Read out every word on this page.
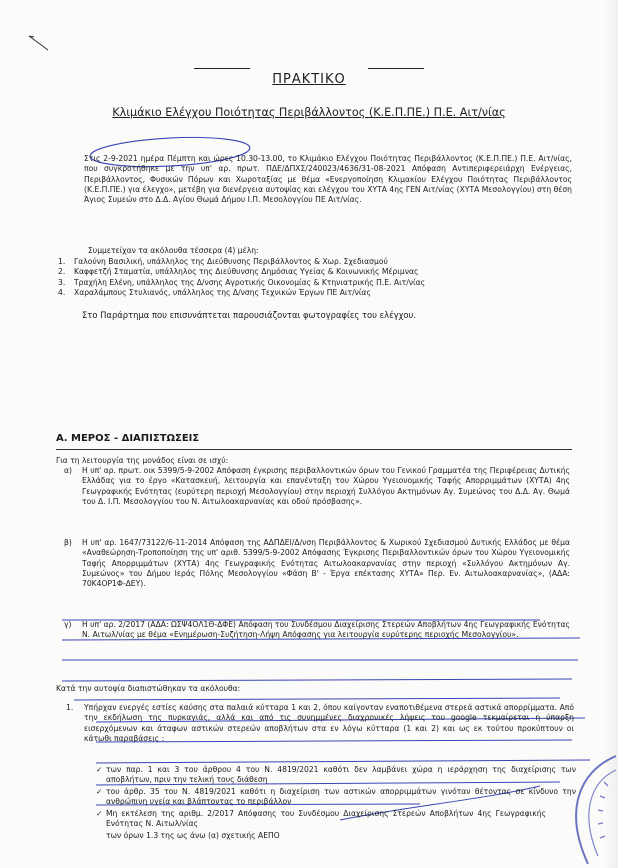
ΠΡΑΚΤΙΚΟ
Κλιμάκιο Ελέγχου Ποιότητας Περιβάλλοντος (Κ.Ε.Π.ΠΕ.) Π.Ε. Αιτ/νίας
Στις 2-9-2021 ημέρα Πέμπτη και ώρες 10.30-13.00, το Κλιμάκιο Ελέγχου Ποιότητας Περιβάλλοντος (Κ.Ε.Π.ΠΕ.) Π.Ε. Αιτ/νίας, που συγκροτήθηκε με την υπ' αρ. πρωτ. ΠΔΕ/ΔΠΧΣ/240023/4636/31-08-2021 Απόφαση Αντιπεριφερειάρχη Ενέργειας, Περιβάλλοντος, Φυσικών Πόρων και Χωροταξίας με θέμα «Ενεργοποίηση Κλιμακίου Ελέγχου Ποιότητας Περιβάλλοντος (Κ.Ε.Π.ΠΕ.) για έλεγχο», μετέβη για διενέργεια αυτοψίας και ελέγχου του ΧΥΤΑ 4ης ΓΕΝ Αιτ/νίας (ΧΥΤΑ Μεσολογγίου) στη θέση Άγιος Συμεών στο Δ.Δ. Αγίου Θωμά Δήμου Ι.Π. Μεσολογγίου ΠΕ Αιτ/νίας.
Συμμετείχαν τα ακόλουθα τέσσερα (4) μέλη:
1. Γαλούνη Βασιλική, υπάλληλος της Διεύθυνσης Περιβάλλοντος & Χωρ. Σχεδιασμού
2. Καφφετζή Σταματία, υπάλληλος της Διεύθυνσης Δημόσιας Υγείας & Κοινωνικής Μέριμνας
3. Τραχήλη Ελένη, υπάλληλος της Δ/νσης Αγροτικής Οικονομίας & Κτηνιατρικής Π.Ε. Αιτ/νίας
4. Χαραλάμπους Στυλιανός, υπάλληλος της Δ/νσης Τεχνικών Έργων ΠΕ Αιτ/νίας
Στο Παράρτημα που επισυνάπτεται παρουσιάζονται φωτογραφίες του ελέγχου.
Α. ΜΕΡΟΣ - ΔΙΑΠΙΣΤΩΣΕΙΣ
Για τη λειτουργία της μονάδος είναι σε ισχύ:
α) Η υπ' αρ. πρωτ. οικ 5399/5-9-2002 Απόφαση έγκρισης περιβαλλοντικών όρων του Γενικού Γραμματέα της Περιφέρειας Δυτικής Ελλάδας για το έργο «Κατασκευή, λειτουργία και επανένταξη του Χώρου Υγειονομικής Ταφής Απορριμμάτων (ΧΥΤΑ) 4ης Γεωγραφικής Ενότητας (ευρύτερη περιοχή Μεσολογγίου) στην περιοχή Συλλόγου Ακτημόνων Αγ. Συμεώνος του Δ.Δ. Αγ. Θωμά του Δ. Ι.Π. Μεσολογγίου του Ν. Αιτωλοακαρνανίας και οδού πρόσβασης».
β) Η υπ' αρ. 1647/73122/6-11-2014 Απόφαση της ΑΔΠΔΕΙ/Δ/νση Περιβάλλοντος & Χωρικού Σχεδιασμού Δυτικής Ελλάδος με θέμα «Αναθεώρηση-Τροποποίηση της υπ' αριθ. 5399/5-9-2002 Απόφασης Έγκρισης Περιβαλλοντικών όρων του Χώρου Υγειονομικής Ταφής Απορριμμάτων (ΧΥΤΑ) 4ης Γεωγραφικής Ενότητας Αιτωλοακαρνανίας στην περιοχή «Συλλόγου Ακτημόνων Αγ. Συμεώνος» του Δήμου Ιεράς Πόλης Μεσολογγίου «Φάση Β' - Έργα επέκτασης ΧΥΤΑ» Περ. Εν. Αιτωλοακαρνανίας», (ΑΔΑ: 70Κ4ΟΡ1Φ-ΔΕΥ).
γ) Η υπ' αρ. 2/2017 (ΑΔΑ: ΩΣΨ4ΟΛ1Θ-ΔΦΕ) Απόφαση του Συνδέσμου Διαχείρισης Στερεών Αποβλήτων 4ης Γεωγραφικής Ενότητας Ν. Αιτωλ/νίας με θέμα «Ενημέρωση-Συζήτηση-Λήψη Απόφασης για λειτουργία ευρύτερης περιοχής Μεσολογγίου».
Κατά την αυτοψία διαπιστώθηκαν τα ακόλουθα:
1. Υπήρχαν ενεργές εστίες καύσης στα παλαιά κύτταρα 1 και 2, όπου καίγονταν εναποτιθέμενα στερεά αστικά απορρίμματα. Από την εκδήλωση της πυρκαγιάς, αλλά και από τις συνημμένες διαχρονικές λήψεις του google τεκμαίρεται η ύπαρξη εισερχόμενων και άταφων αστικών στερεών αποβλήτων στα εν λόγω κύτταρα (1 και 2) και ως εκ τούτου προκύπτουν οι κάτωθι παραβάσεις :
✓ των παρ. 1 και 3 του άρθρου 4 του Ν. 4819/2021 καθότι δεν λαμβάνει χώρα η ιεράρχηση της διαχείρισης των αποβλήτων, πριν την τελική τους διάθεση
✓ του άρθρ. 35 του Ν. 4819/2021 καθότι η διαχείριση των αστικών απορριμμάτων γινόταν θέτοντας σε κίνδυνο την ανθρώπινη υγεία και βλάπτοντας το περιβάλλον
✓ Μη εκτέλεση της αριθμ. 2/2017 Απόφασης του Συνδέσμου Διαχείρισης Στερεών Αποβλήτων 4ης Γεωγραφικής Ενότητας Ν. Αιτωλ/νίας
των όρων 1.3 της ως άνω (α) σχετικής ΑΕΠΟ
